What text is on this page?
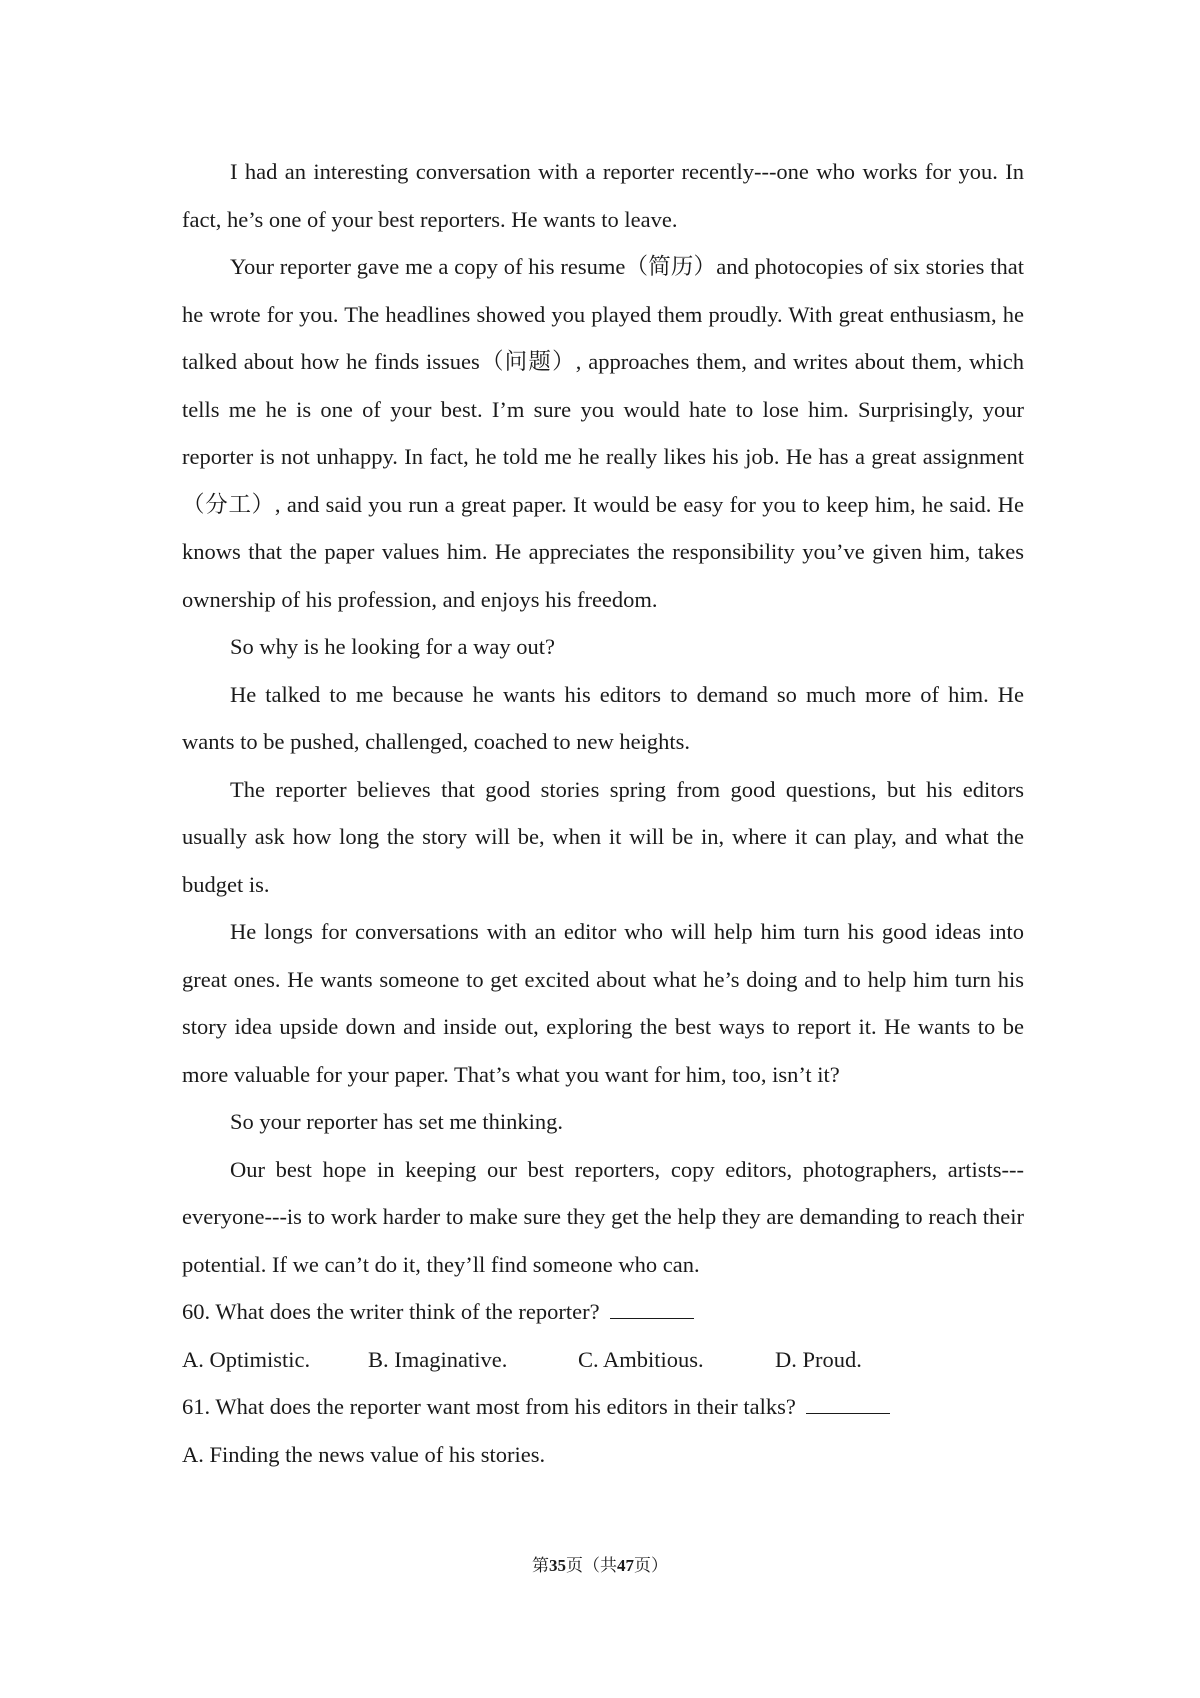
I had an interesting conversation with a reporter recently---one who works for you. In fact, he’s one of your best reporters. He wants to leave.

Your reporter gave me a copy of his resume（简历）and photocopies of six stories that he wrote for you. The headlines showed you played them proudly. With great enthusiasm, he talked about how he finds issues（问题）, approaches them, and writes about them, which tells me he is one of your best. I’m sure you would hate to lose him. Surprisingly, your reporter is not unhappy. In fact, he told me he really likes his job. He has a great assignment（分工）, and said you run a great paper. It would be easy for you to keep him, he said. He knows that the paper values him. He appreciates the responsibility you’ve given him, takes ownership of his profession, and enjoys his freedom.

So why is he looking for a way out?

He talked to me because he wants his editors to demand so much more of him. He wants to be pushed, challenged, coached to new heights.

The reporter believes that good stories spring from good questions, but his editors usually ask how long the story will be, when it will be in, where it can play, and what the budget is.

He longs for conversations with an editor who will help him turn his good ideas into great ones. He wants someone to get excited about what he’s doing and to help him turn his story idea upside down and inside out, exploring the best ways to report it. He wants to be more valuable for your paper. That’s what you want for him, too, isn’t it?

So your reporter has set me thinking.

Our best hope in keeping our best reporters, copy editors, photographers, artists---everyone---is to work harder to make sure they get the help they are demanding to reach their potential. If we can’t do it, they’ll find someone who can.

60. What does the writer think of the reporter?

A. Optimistic.	B. Imaginative.	C. Ambitious.	D. Proud.

61. What does the reporter want most from his editors in their talks?

A. Finding the news value of his stories.

第35页（共47页）
